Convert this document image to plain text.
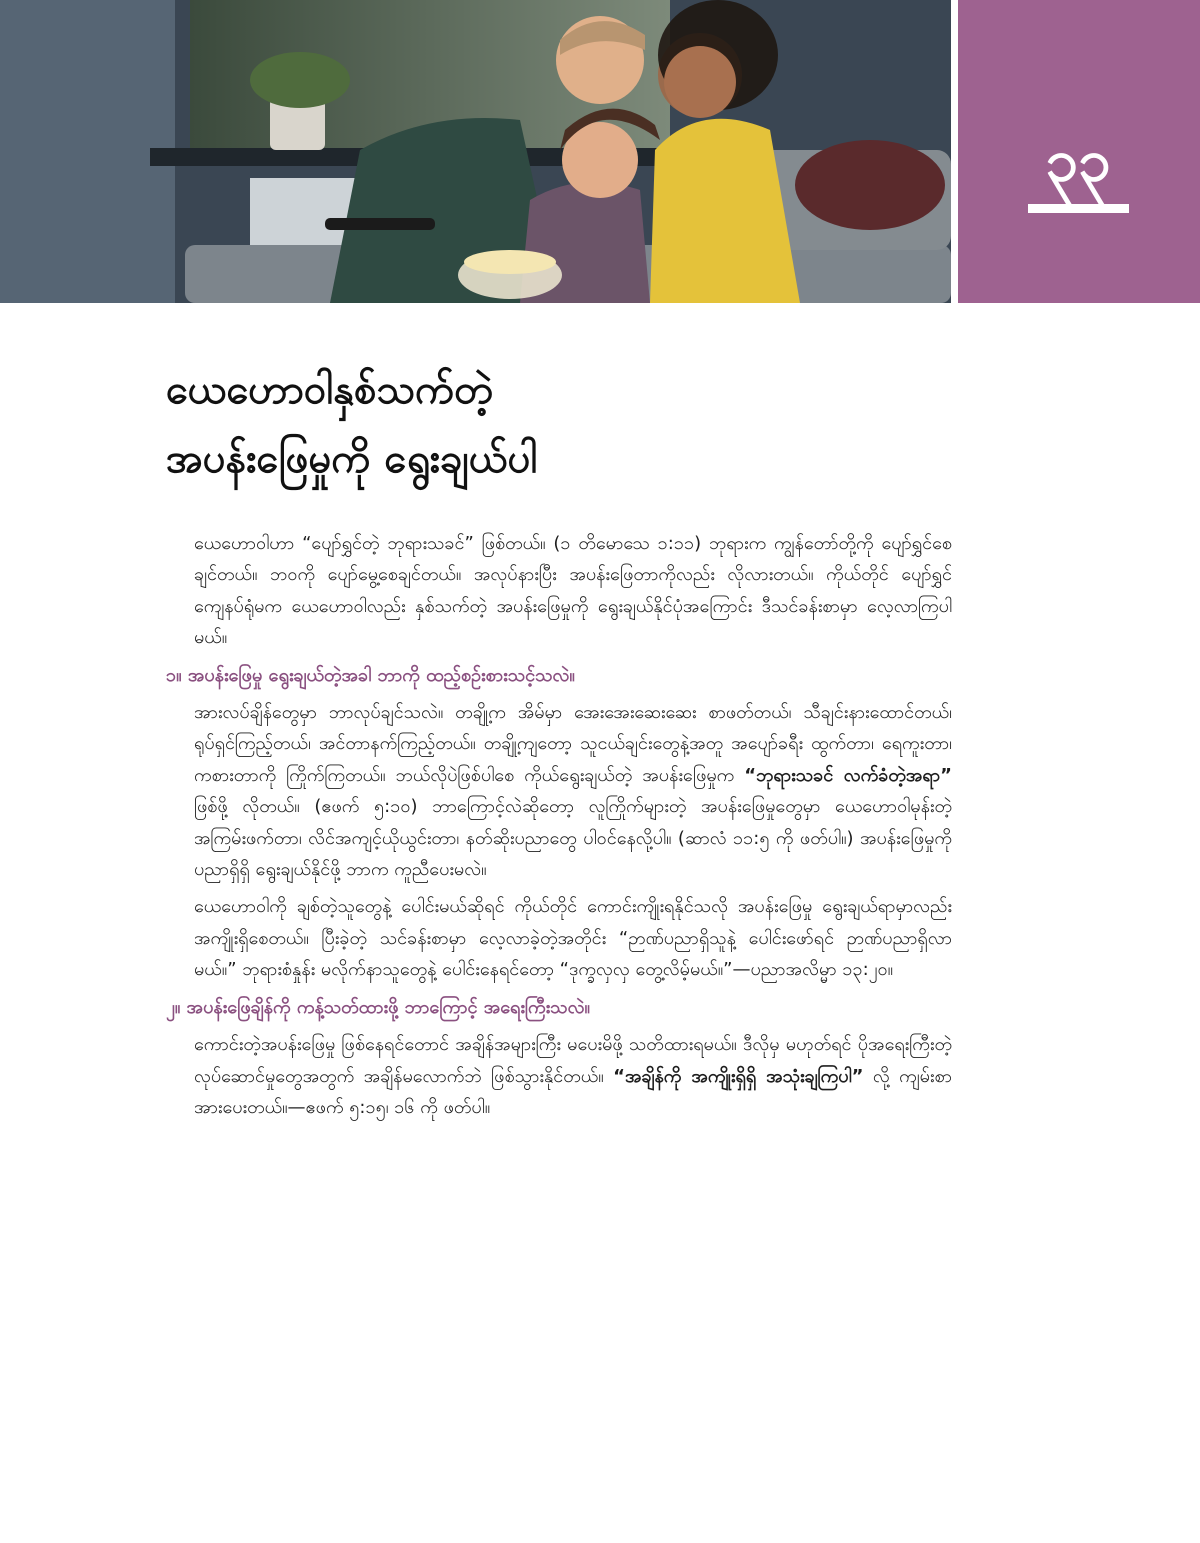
၃၃
ယေဟောဝါနှစ်သက်တဲ့
အပန်းဖြေမှုကို ရွေးချယ်ပါ

ယေဟောဝါဟာ “ပျော်ရွှင်တဲ့ ဘုရားသခင်” ဖြစ်တယ်။ (၁ တိမောသေ ၁:၁၁) ဘုရားက ကျွန်တော်တို့ကို ပျော်ရွှင်စေချင်တယ်။ ဘဝကို ပျော်မွေ့စေချင်တယ်။ အလုပ်နားပြီး အပန်းဖြေတာကိုလည်း လိုလားတယ်။ ကိုယ်တိုင် ပျော်ရွှင်ကျေနပ်ရုံမက ယေဟောဝါလည်း နှစ်သက်တဲ့ အပန်းဖြေမှုကို ရွေးချယ်နိုင်ပုံအကြောင်း ဒီသင်ခန်းစာမှာ လေ့လာကြပါမယ်။

၁။ အပန်းဖြေမှု ရွေးချယ်တဲ့အခါ ဘာကို ထည့်စဉ်းစားသင့်သလဲ။

အားလပ်ချိန်တွေမှာ ဘာလုပ်ချင်သလဲ။ တချို့က အိမ်မှာ အေးအေးဆေးဆေး စာဖတ်တယ်၊ သီချင်းနားထောင်တယ်၊ ရုပ်ရှင်ကြည့်တယ်၊ အင်တာနက်ကြည့်တယ်။ တချို့ကျတော့ သူငယ်ချင်းတွေနဲ့အတူ အပျော်ခရီး ထွက်တာ၊ ရေကူးတာ၊ ကစားတာကို ကြိုက်ကြတယ်။ ဘယ်လိုပဲဖြစ်ပါစေ ကိုယ်ရွေးချယ်တဲ့ အပန်းဖြေမှုက “ဘုရားသခင် လက်ခံတဲ့အရာ” ဖြစ်ဖို့ လိုတယ်။ (ဧဖက် ၅:၁၀) ဘာကြောင့်လဲဆိုတော့ လူကြိုက်များတဲ့ အပန်းဖြေမှုတွေမှာ ယေဟောဝါမုန်းတဲ့ အကြမ်းဖက်တာ၊ လိင်အကျင့်ယိုယွင်းတာ၊ နတ်ဆိုးပညာတွေ ပါဝင်နေလို့ပါ။ (ဆာလံ ၁၁:၅ ကို ဖတ်ပါ။) အပန်းဖြေမှုကို ပညာရှိရှိ ရွေးချယ်နိုင်ဖို့ ဘာက ကူညီပေးမလဲ။

ယေဟောဝါကို ချစ်တဲ့သူတွေနဲ့ ပေါင်းမယ်ဆိုရင် ကိုယ်တိုင် ကောင်းကျိုးရနိုင်သလို အပန်းဖြေမှု ရွေးချယ်ရာမှာလည်း အကျိုးရှိစေတယ်။ ပြီးခဲ့တဲ့ သင်ခန်းစာမှာ လေ့လာခဲ့တဲ့အတိုင်း “ဉာဏ်ပညာရှိသူနဲ့ ပေါင်းဖော်ရင် ဉာဏ်ပညာရှိလာမယ်။” ဘုရားစံနှုန်း မလိုက်နာသူတွေနဲ့ ပေါင်းနေရင်တော့ “ဒုက္ခလှလှ တွေ့လိမ့်မယ်။”—ပညာအလိမ္မာ ၁၃:၂၀။

၂။ အပန်းဖြေချိန်ကို ကန့်သတ်ထားဖို့ ဘာကြောင့် အရေးကြီးသလဲ။

ကောင်းတဲ့အပန်းဖြေမှု ဖြစ်နေရင်တောင် အချိန်အများကြီး မပေးမိဖို့ သတိထားရမယ်။ ဒီလိုမှ မဟုတ်ရင် ပိုအရေးကြီးတဲ့ လုပ်ဆောင်မှုတွေအတွက် အချိန်မလောက်ဘဲ ဖြစ်သွားနိုင်တယ်။ “အချိန်ကို အကျိုးရှိရှိ အသုံးချကြပါ” လို့ ကျမ်းစာ အားပေးတယ်။—ဧဖက် ၅:၁၅၊ ၁၆ ကို ဖတ်ပါ။
